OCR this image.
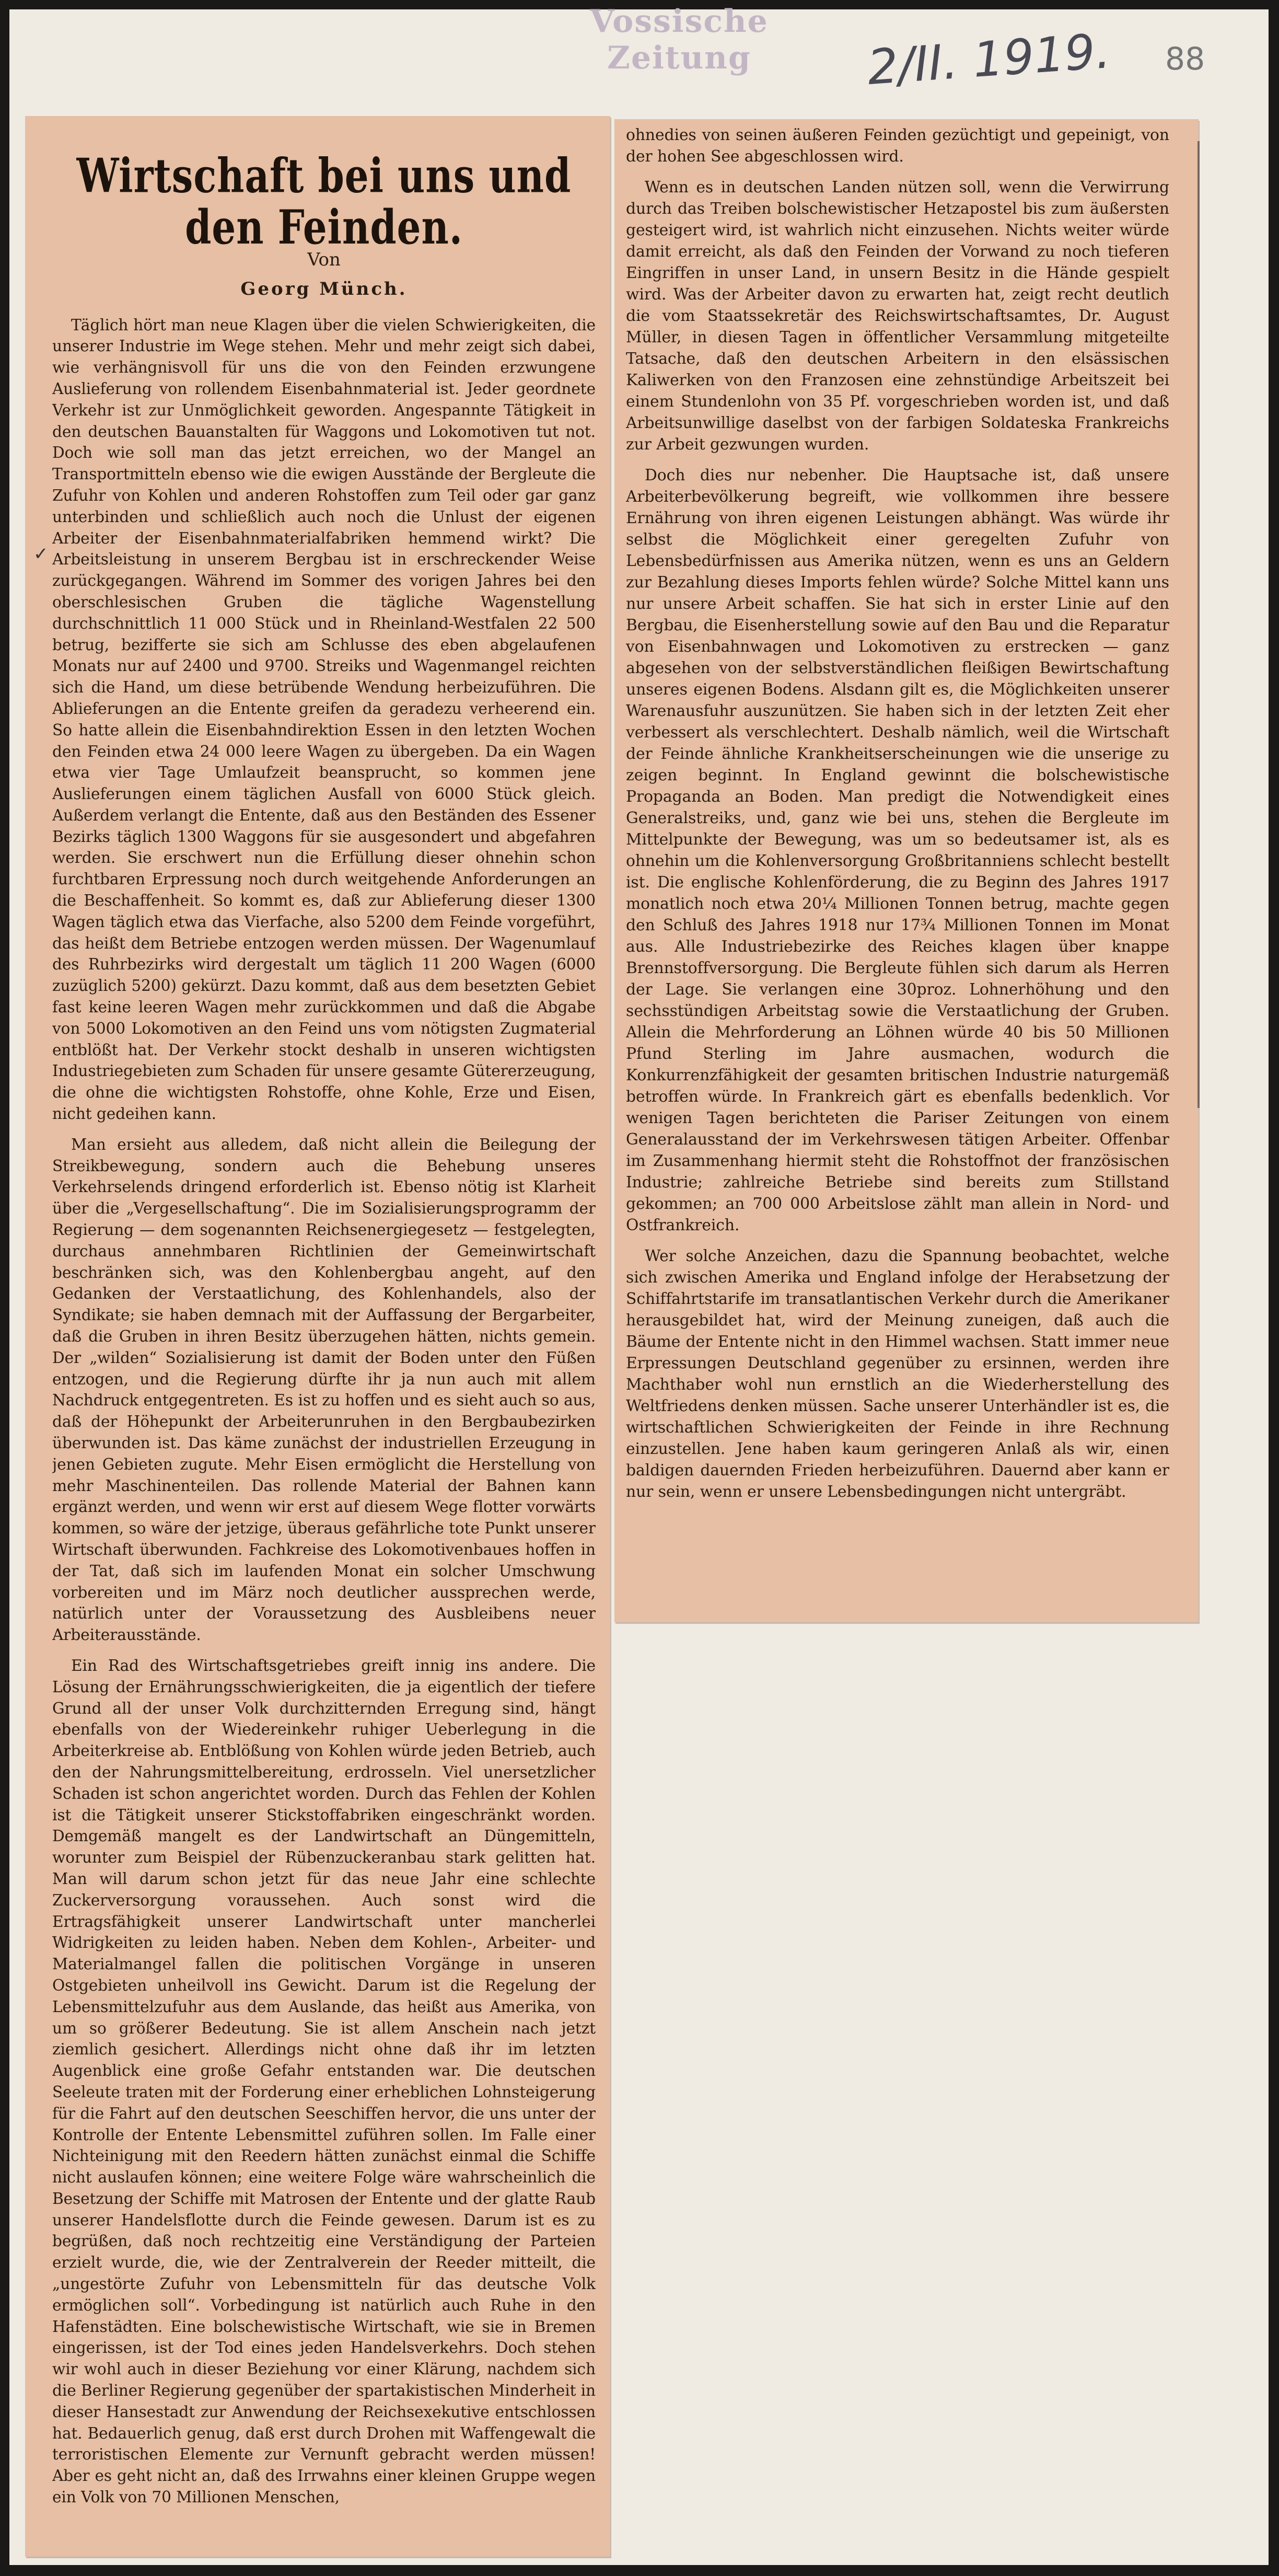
Vossische Zeitung	2/II. 1919. 88
Wirtschaft bei uns und den Feinden.
Von
Georg Münch.

Täglich hört man neue Klagen über die vielen Schwierigkeiten, die unserer Industrie im Wege stehen. Mehr und mehr zeigt sich dabei, wie verhängnisvoll für uns die von den Feinden erzwungene Auslieferung von rollendem Eisenbahnmaterial ist. Jeder geordnete Verkehr ist zur Unmöglichkeit geworden. Angespannte Tätigkeit in den deutschen Bauanstalten für Waggons und Lokomotiven tut not. Doch wie soll man das jetzt erreichen, wo der Mangel an Transportmitteln ebenso wie die ewigen Ausstände der Bergleute die Zufuhr von Kohlen und anderen Rohstoffen zum Teil oder gar ganz unterbinden und schließlich auch noch die Unlust der eigenen Arbeiter der Eisenbahnmaterialfabriken hemmend wirkt? Die Arbeitsleistung in unserem Bergbau ist in erschreckender Weise zurückgegangen. Während im Sommer des vorigen Jahres bei den oberschlesischen Gruben die tägliche Wagenstellung durchschnittlich 11 000 Stück und in Rheinland-Westfalen 22 500 betrug, bezifferte sie sich am Schlusse des eben abgelaufenen Monats nur auf 2400 und 9700. Streiks und Wagenmangel reichten sich die Hand, um diese betrübende Wendung herbeizuführen. Die Ablieferungen an die Entente greifen da geradezu verheerend ein. So hatte allein die Eisenbahndirektion Essen in den letzten Wochen den Feinden etwa 24 000 leere Wagen zu übergeben. Da ein Wagen etwa vier Tage Umlaufzeit beansprucht, so kommen jene Auslieferungen einem täglichen Ausfall von 6000 Stück gleich. Außerdem verlangt die Entente, daß aus den Beständen des Essener Bezirks täglich 1300 Waggons für sie ausgesondert und abgefahren werden. Sie erschwert nun die Erfüllung dieser ohnehin schon furchtbaren Erpressung noch durch weitgehende Anforderungen an die Beschaffenheit. So kommt es, daß zur Ablieferung dieser 1300 Wagen täglich etwa das Vierfache, also 5200 dem Feinde vorgeführt, das heißt dem Betriebe entzogen werden müssen. Der Wagenumlauf des Ruhrbezirks wird dergestalt um täglich 11 200 Wagen (6000 zuzüglich 5200) gekürzt. Dazu kommt, daß aus dem besetzten Gebiet fast keine leeren Wagen mehr zurückkommen und daß die Abgabe von 5000 Lokomotiven an den Feind uns vom nötigsten Zugmaterial entblößt hat. Der Verkehr stockt deshalb in unseren wichtigsten Industriegebieten zum Schaden für unsere gesamte Gütererzeugung, die ohne die wichtigsten Rohstoffe, ohne Kohle, Erze und Eisen, nicht gedeihen kann.

Man ersieht aus alledem, daß nicht allein die Beilegung der Streikbewegung, sondern auch die Behebung unseres Verkehrselends dringend erforderlich ist. Ebenso nötig ist Klarheit über die „Vergesellschaftung“. Die im Sozialisierungsprogramm der Regierung — dem sogenannten Reichsenergiegesetz — festgelegten, durchaus annehmbaren Richtlinien der Gemeinwirtschaft beschränken sich, was den Kohlenbergbau angeht, auf den Gedanken der Verstaatlichung, des Kohlenhandels, also der Syndikate; sie haben demnach mit der Auffassung der Bergarbeiter, daß die Gruben in ihren Besitz überzugehen hätten, nichts gemein. Der „wilden“ Sozialisierung ist damit der Boden unter den Füßen entzogen, und die Regierung dürfte ihr ja nun auch mit allem Nachdruck entgegentreten. Es ist zu hoffen und es sieht auch so aus, daß der Höhepunkt der Arbeiterunruhen in den Bergbaubezirken überwunden ist. Das käme zunächst der industriellen Erzeugung in jenen Gebieten zugute. Mehr Eisen ermöglicht die Herstellung von mehr Maschinenteilen. Das rollende Material der Bahnen kann ergänzt werden, und wenn wir erst auf diesem Wege flotter vorwärts kommen, so wäre der jetzige, überaus gefährliche tote Punkt unserer Wirtschaft überwunden. Fachkreise des Lokomotivenbaues hoffen in der Tat, daß sich im laufenden Monat ein solcher Umschwung vorbereiten und im März noch deutlicher aussprechen werde, natürlich unter der Voraussetzung des Ausbleibens neuer Arbeiterausstände.

Ein Rad des Wirtschaftsgetriebes greift innig ins andere. Die Lösung der Ernährungsschwierigkeiten, die ja eigentlich der tiefere Grund all der unser Volk durchzitternden Erregung sind, hängt ebenfalls von der Wiedereinkehr ruhiger Ueberlegung in die Arbeiterkreise ab. Entblößung von Kohlen würde jeden Betrieb, auch den der Nahrungsmittelbereitung, erdrosseln. Viel unersetzlicher Schaden ist schon angerichtet worden. Durch das Fehlen der Kohlen ist die Tätigkeit unserer Stickstoffabriken eingeschränkt worden. Demgemäß mangelt es der Landwirtschaft an Düngemitteln, worunter zum Beispiel der Rübenzuckeranbau stark gelitten hat. Man will darum schon jetzt für das neue Jahr eine schlechte Zuckerversorgung voraussehen. Auch sonst wird die Ertragsfähigkeit unserer Landwirtschaft unter mancherlei Widrigkeiten zu leiden haben. Neben dem Kohlen-, Arbeiter- und Materialmangel fallen die politischen Vorgänge in unseren Ostgebieten unheilvoll ins Gewicht. Darum ist die Regelung der Lebensmittelzufuhr aus dem Auslande, das heißt aus Amerika, von um so größerer Bedeutung. Sie ist allem Anschein nach jetzt ziemlich gesichert. Allerdings nicht ohne daß ihr im letzten Augenblick eine große Gefahr entstanden war. Die deutschen Seeleute traten mit der Forderung einer erheblichen Lohnsteigerung für die Fahrt auf den deutschen Seeschiffen hervor, die uns unter der Kontrolle der Entente Lebensmittel zuführen sollen. Im Falle einer Nichteinigung mit den Reedern hätten zunächst einmal die Schiffe nicht auslaufen können; eine weitere Folge wäre wahrscheinlich die Besetzung der Schiffe mit Matrosen der Entente und der glatte Raub unserer Handelsflotte durch die Feinde gewesen. Darum ist es zu begrüßen, daß noch rechtzeitig eine Verständigung der Parteien erzielt wurde, die, wie der Zentralverein der Reeder mitteilt, die „ungestörte Zufuhr von Lebensmitteln für das deutsche Volk ermöglichen soll“. Vorbedingung ist natürlich auch Ruhe in den Hafenstädten. Eine bolschewistische Wirtschaft, wie sie in Bremen eingerissen, ist der Tod eines jeden Handelsverkehrs. Doch stehen wir wohl auch in dieser Beziehung vor einer Klärung, nachdem sich die Berliner Regierung gegenüber der spartakistischen Minderheit in dieser Hansestadt zur Anwendung der Reichsexekutive entschlossen hat. Bedauerlich genug, daß erst durch Drohen mit Waffengewalt die terroristischen Elemente zur Vernunft gebracht werden müssen! Aber es geht nicht an, daß des Irrwahns einer kleinen Gruppe wegen ein Volk von 70 Millionen Menschen,

ohnedies von seinen äußeren Feinden gezüchtigt und gepeinigt, von der hohen See abgeschlossen wird.

Wenn es in deutschen Landen nützen soll, wenn die Verwirrung durch das Treiben bolschewistischer Hetzapostel bis zum äußersten gesteigert wird, ist wahrlich nicht einzusehen. Nichts weiter würde damit erreicht, als daß den Feinden der Vorwand zu noch tieferen Eingriffen in unser Land, in unsern Besitz in die Hände gespielt wird. Was der Arbeiter davon zu erwarten hat, zeigt recht deutlich die vom Staatssekretär des Reichswirtschaftsamtes, Dr. August Müller, in diesen Tagen in öffentlicher Versammlung mitgeteilte Tatsache, daß den deutschen Arbeitern in den elsässischen Kaliwerken von den Franzosen eine zehnstündige Arbeitszeit bei einem Stundenlohn von 35 Pf. vorgeschrieben worden ist, und daß Arbeitsunwillige daselbst von der farbigen Soldateska Frankreichs zur Arbeit gezwungen wurden.

Doch dies nur nebenher. Die Hauptsache ist, daß unsere Arbeiterbevölkerung begreift, wie vollkommen ihre bessere Ernährung von ihren eigenen Leistungen abhängt. Was würde ihr selbst die Möglichkeit einer geregelten Zufuhr von Lebensbedürfnissen aus Amerika nützen, wenn es uns an Geldern zur Bezahlung dieses Imports fehlen würde? Solche Mittel kann uns nur unsere Arbeit schaffen. Sie hat sich in erster Linie auf den Bergbau, die Eisenherstellung sowie auf den Bau und die Reparatur von Eisenbahnwagen und Lokomotiven zu erstrecken — ganz abgesehen von der selbstverständlichen fleißigen Bewirtschaftung unseres eigenen Bodens. Alsdann gilt es, die Möglichkeiten unserer Warenausfuhr auszunützen. Sie haben sich in der letzten Zeit eher verbessert als verschlechtert. Deshalb nämlich, weil die Wirtschaft der Feinde ähnliche Krankheitserscheinungen wie die unserige zu zeigen beginnt. In England gewinnt die bolschewistische Propaganda an Boden. Man predigt die Notwendigkeit eines Generalstreiks, und, ganz wie bei uns, stehen die Bergleute im Mittelpunkte der Bewegung, was um so bedeutsamer ist, als es ohnehin um die Kohlenversorgung Großbritanniens schlecht bestellt ist. Die englische Kohlenförderung, die zu Beginn des Jahres 1917 monatlich noch etwa 20¼ Millionen Tonnen betrug, machte gegen den Schluß des Jahres 1918 nur 17¾ Millionen Tonnen im Monat aus. Alle Industriebezirke des Reiches klagen über knappe Brennstoffversorgung. Die Bergleute fühlen sich darum als Herren der Lage. Sie verlangen eine 30proz. Lohnerhöhung und den sechsstündigen Arbeitstag sowie die Verstaatlichung der Gruben. Allein die Mehrforderung an Löhnen würde 40 bis 50 Millionen Pfund Sterling im Jahre ausmachen, wodurch die Konkurrenzfähigkeit der gesamten britischen Industrie naturgemäß betroffen würde. In Frankreich gärt es ebenfalls bedenklich. Vor wenigen Tagen berichteten die Pariser Zeitungen von einem Generalausstand der im Verkehrswesen tätigen Arbeiter. Offenbar im Zusammenhang hiermit steht die Rohstoffnot der französischen Industrie; zahlreiche Betriebe sind bereits zum Stillstand gekommen; an 700 000 Arbeitslose zählt man allein in Nord- und Ostfrankreich.

Wer solche Anzeichen, dazu die Spannung beobachtet, welche sich zwischen Amerika und England infolge der Herabsetzung der Schiffahrtstarife im transatlantischen Verkehr durch die Amerikaner herausgebildet hat, wird der Meinung zuneigen, daß auch die Bäume der Entente nicht in den Himmel wachsen. Statt immer neue Erpressungen Deutschland gegenüber zu ersinnen, werden ihre Machthaber wohl nun ernstlich an die Wiederherstellung des Weltfriedens denken müssen. Sache unserer Unterhändler ist es, die wirtschaftlichen Schwierigkeiten der Feinde in ihre Rechnung einzustellen. Jene haben kaum geringeren Anlaß als wir, einen baldigen dauernden Frieden herbeizuführen. Dauernd aber kann er nur sein, wenn er unsere Lebensbedingungen nicht untergräbt.

✓
